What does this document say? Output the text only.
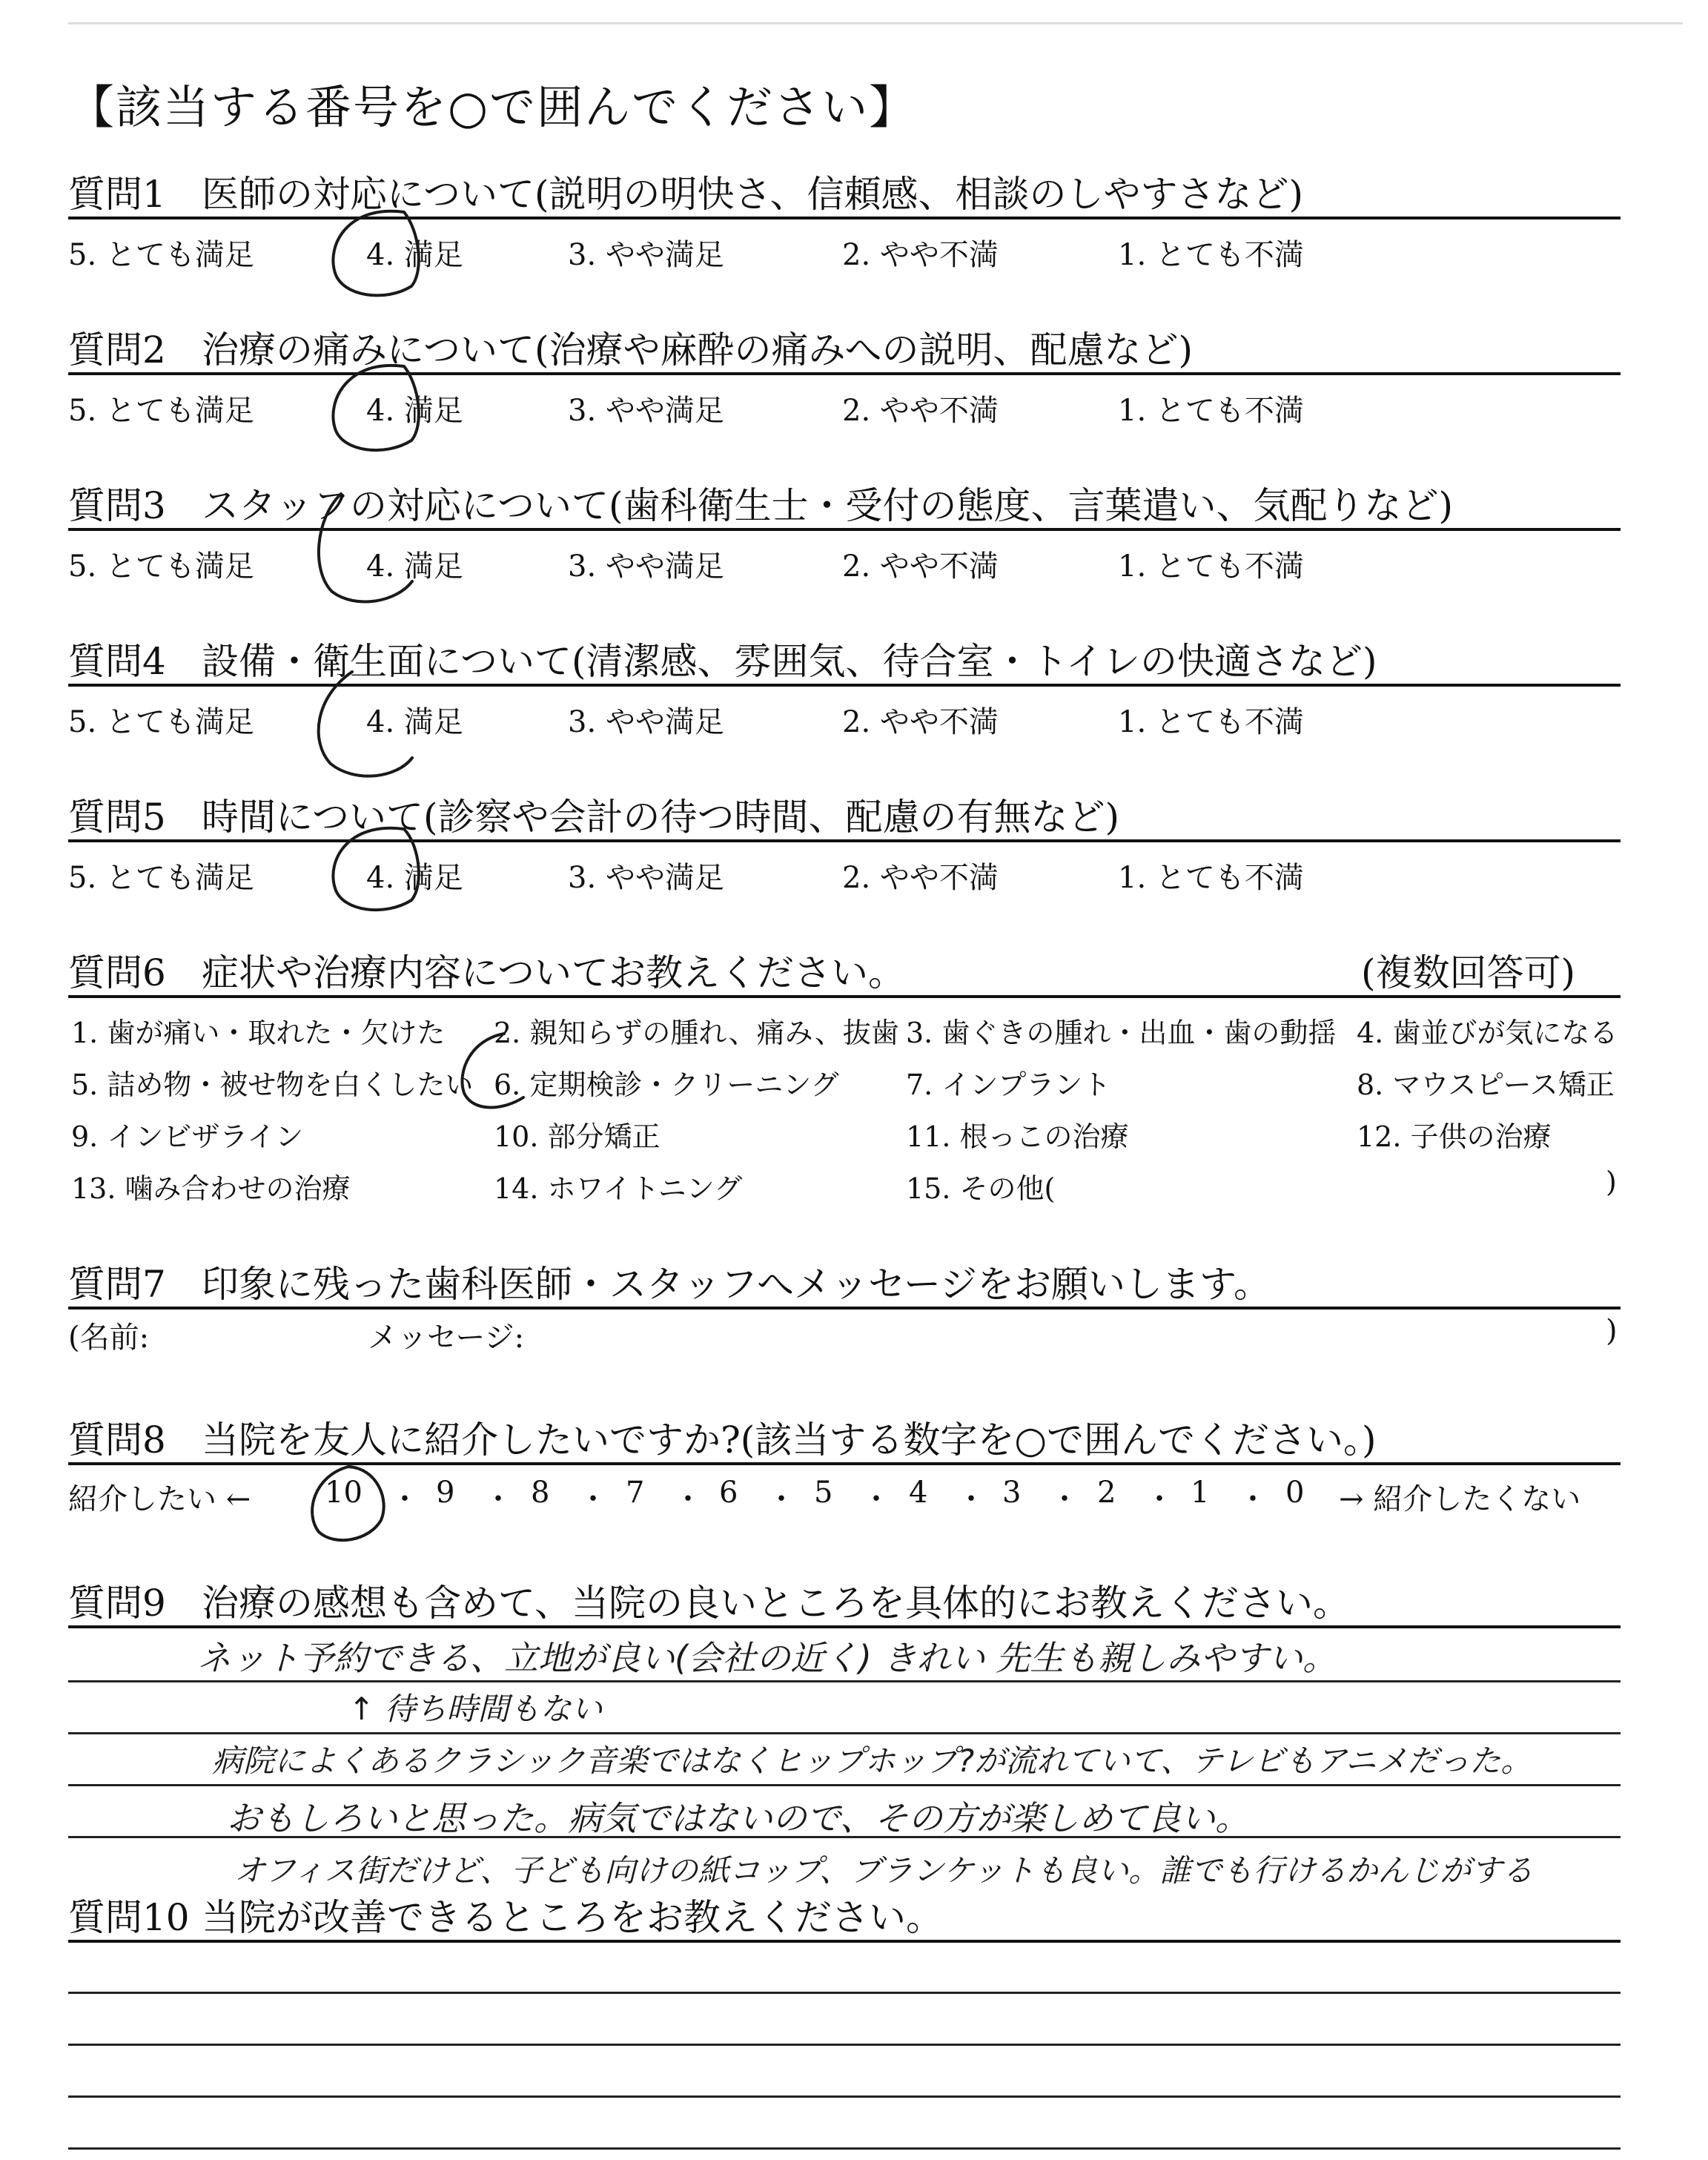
【該当する番号を○で囲んでください】
質問1 医師の対応について(説明の明快さ、信頼感、相談のしやすさなど)
5. とても満足	4. 満足	3. やや満足	2. やや不満	1. とても不満
質問2 治療の痛みについて(治療や麻酔の痛みへの説明、配慮など)
5. とても満足	4. 満足	3. やや満足	2. やや不満	1. とても不満
質問3 スタッフの対応について(歯科衛生士・受付の態度、言葉遣い、気配りなど)
5. とても満足	4. 満足	3. やや満足	2. やや不満	1. とても不満
質問4 設備・衛生面について(清潔感、雰囲気、待合室・トイレの快適さなど)
5. とても満足	4. 満足	3. やや満足	2. やや不満	1. とても不満
質問5 時間について(診察や会計の待つ時間、配慮の有無など)
5. とても満足	4. 満足	3. やや満足	2. やや不満	1. とても不満
質問6 症状や治療内容についてお教えください。	(複数回答可)
1. 歯が痛い・取れた・欠けた 2. 親知らずの腫れ、痛み、抜歯 3. 歯ぐきの腫れ・出血・歯の動揺 4. 歯並びが気になる
5. 詰め物・被せ物を白くしたい 6. 定期検診・クリーニング 7. インプラント	8. マウスピース矯正
9. インビザライン	10. 部分矯正	11. 根っこの治療	12. 子供の治療
13. 噛み合わせの治療	14. ホワイトニング	15. その他(	)
質問7 印象に残った歯科医師・スタッフへメッセージをお願いします。
(名前:	メッセージ:	)
質問8 当院を友人に紹介したいですか?(該当する数字を○で囲んでください。)
紹介したい ← 10 ・ 9 ・ 8 ・ 7 ・ 6 ・ 5 ・ 4 ・ 3 ・ 2 ・ 1 ・ 0 → 紹介したくない
質問9 治療の感想も含めて、当院の良いところを具体的にお教えください。
ネット予約できる、立地が良い(会社の近く) きれい 先生も親しみやすい。
↑ 待ち時間もない
病院によくあるクラシック音楽ではなくヒップホップ?が流れていて、テレビもアニメだった。
おもしろいと思った。病気ではないので、その方が楽しめて良い。
オフィス街だけど、子ども向けの紙コップ、ブランケットも良い。誰でも行けるかんじがする
質問10 当院が改善できるところをお教えください。
